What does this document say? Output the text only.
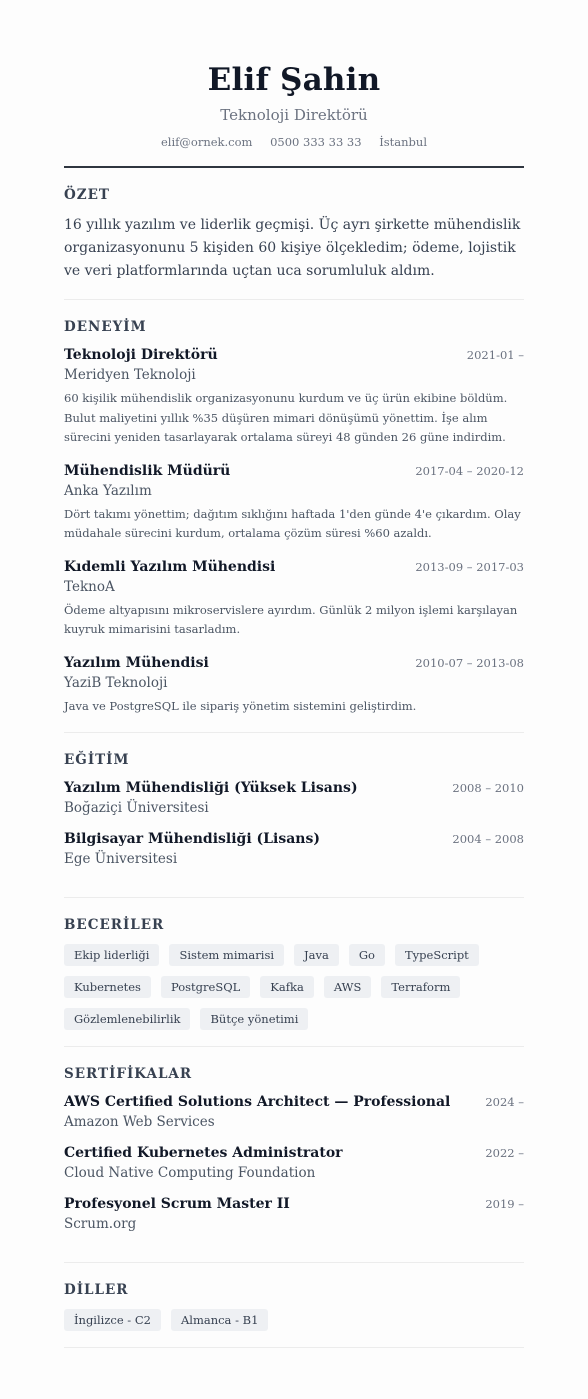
Elif Şahin
Teknoloji Direktörü
elif@ornek.com 0500 333 33 33 İstanbul
ÖZET
16 yıllık yazılım ve liderlik geçmişi. Üç ayrı şirkette mühendislik organizasyonunu 5 kişiden 60 kişiye ölçekledim; ödeme, lojistik ve veri platformlarında uçtan uca sorumluluk aldım.
DENEYİM
Teknoloji Direktörü	2021-01 –
Meridyen Teknoloji
60 kişilik mühendislik organizasyonunu kurdum ve üç ürün ekibine böldüm. Bulut maliyetini yıllık %35 düşüren mimari dönüşümü yönettim. İşe alım sürecini yeniden tasarlayarak ortalama süreyi 48 günden 26 güne indirdim.
Mühendislik Müdürü	2017-04 – 2020-12
Anka Yazılım
Dört takımı yönettim; dağıtım sıklığını haftada 1'den günde 4'e çıkardım. Olay müdahale sürecini kurdum, ortalama çözüm süresi %60 azaldı.
Kıdemli Yazılım Mühendisi	2013-09 – 2017-03
TeknoA
Ödeme altyapısını mikroservislere ayırdım. Günlük 2 milyon işlemi karşılayan kuyruk mimarisini tasarladım.
Yazılım Mühendisi	2010-07 – 2013-08
YaziB Teknoloji
Java ve PostgreSQL ile sipariş yönetim sistemini geliştirdim.
EĞİTİM
Yazılım Mühendisliği (Yüksek Lisans)	2008 – 2010
Boğaziçi Üniversitesi
Bilgisayar Mühendisliği (Lisans)	2004 – 2008
Ege Üniversitesi
BECERİLER
Ekip liderliği	Sistem mimarisi	Java	Go	TypeScript
Kubernetes	PostgreSQL	Kafka	AWS	Terraform
Gözlemlenebilirlik	Bütçe yönetimi
SERTİFİKALAR
AWS Certified Solutions Architect — Professional	2024 –
Amazon Web Services
Certified Kubernetes Administrator	2022 –
Cloud Native Computing Foundation
Profesyonel Scrum Master II	2019 –
Scrum.org
DİLLER
İngilizce - C2	Almanca - B1
